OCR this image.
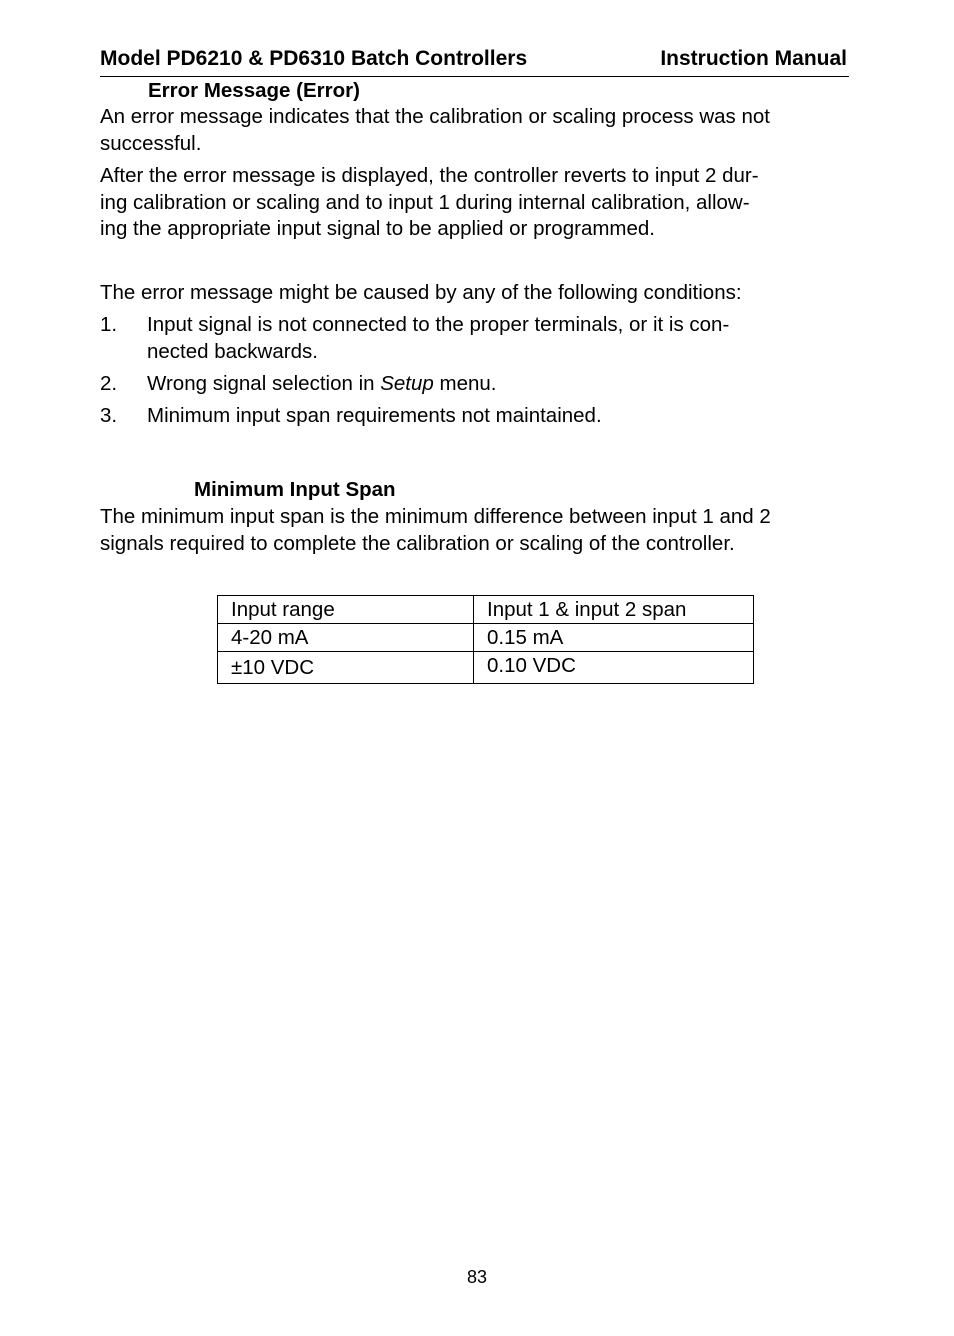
Model PD6210 & PD6310 Batch Controllers	Instruction Manual
Error Message (Error)
An error message indicates that the calibration or scaling process was not successful.
After the error message is displayed, the controller reverts to input 2 dur-
ing calibration or scaling and to input 1 during internal calibration, allow-
ing the appropriate input signal to be applied or programmed.
The error message might be caused by any of the following conditions:
1. Input signal is not connected to the proper terminals, or it is con-
nected backwards.
2. Wrong signal selection in Setup menu.
3. Minimum input span requirements not maintained.
Minimum Input Span
The minimum input span is the minimum difference between input 1 and 2
signals required to complete the calibration or scaling of the controller.
Input range	Input 1 & input 2 span
4-20 mA	0.15 mA
±10 VDC	0.10 VDC
83
